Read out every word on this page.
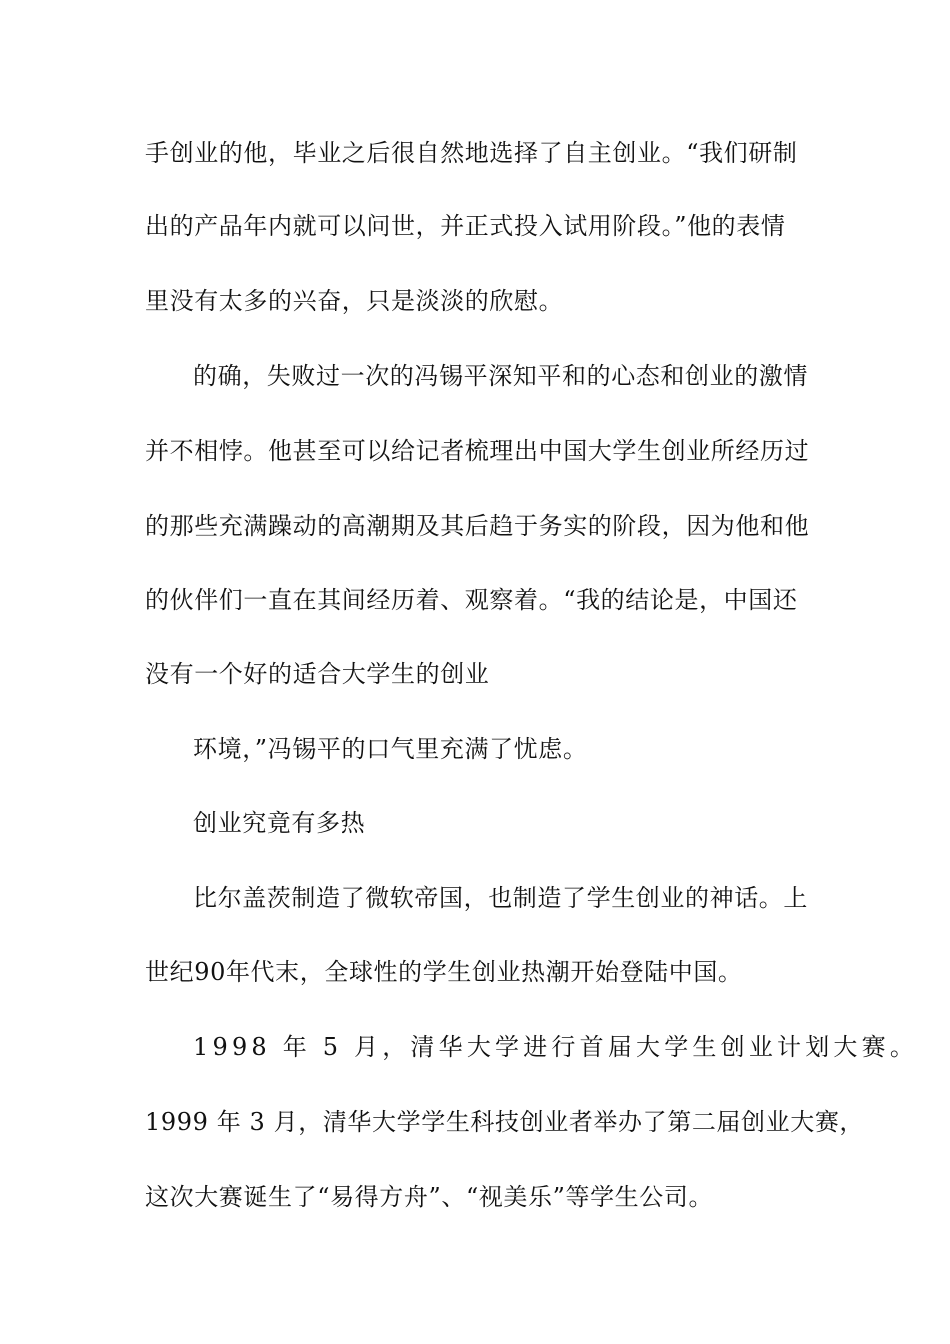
手创业的他，毕业之后很自然地选择了自主创业。“我们研制
出的产品年内就可以问世，并正式投入试用阶段。”他的表情
里没有太多的兴奋，只是淡淡的欣慰。
的确，失败过一次的冯锡平深知平和的心态和创业的激情
并不相悖。他甚至可以给记者梳理出中国大学生创业所经历过
的那些充满躁动的高潮期及其后趋于务实的阶段，因为他和他
的伙伴们一直在其间经历着、观察着。“我的结论是，中国还
没有一个好的适合大学生的创业
环境，”冯锡平的口气里充满了忧虑。
创业究竟有多热
比尔盖茨制造了微软帝国，也制造了学生创业的神话。上
世纪90年代末，全球性的学生创业热潮开始登陆中国。
1998 年 5 月，清华大学进行首届大学生创业计划大赛。
1999 年 3 月，清华大学学生科技创业者举办了第二届创业大赛，
这次大赛诞生了“易得方舟”、“视美乐”等学生公司。
